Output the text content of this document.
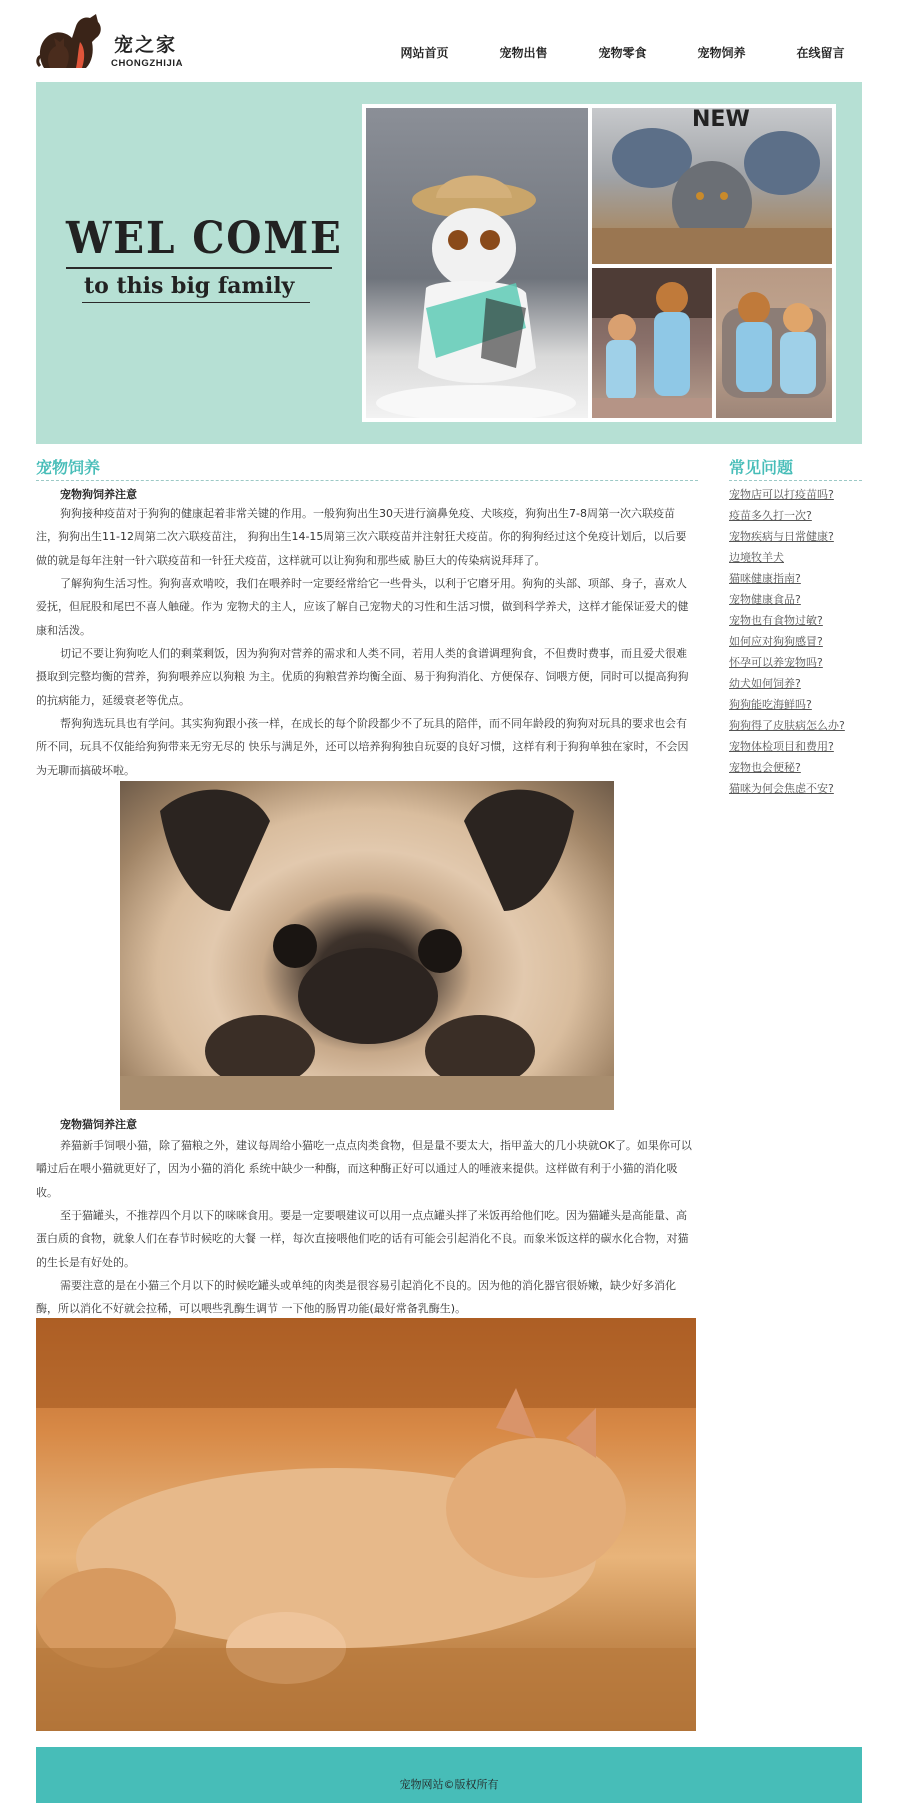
宠之家
CHONGZHIJIA
网站首页	宠物出售	宠物零食	宠物饲养	在线留言
WEL COME
to this big family
NEW
宠物饲养
宠物狗饲养注意

狗狗接种疫苗对于狗狗的健康起着非常关键的作用。一般狗狗出生30天进行滴鼻免疫、犬咳疫，狗狗出生7-8周第一次六联疫苗注，狗狗出生11-12周第二次六联疫苗注， 狗狗出生14-15周第三次六联疫苗并注射狂犬疫苗。你的狗狗经过这个免疫计划后，以后要做的就是每年注射一针六联疫苗和一针狂犬疫苗，这样就可以让狗狗和那些威 胁巨大的传染病说拜拜了。

了解狗狗生活习性。狗狗喜欢啃咬，我们在喂养时一定要经常给它一些骨头，以利于它磨牙用。狗狗的头部、项部、身子，喜欢人爱抚，但屁股和尾巴不喜人触碰。作为 宠物犬的主人，应该了解自己宠物犬的习性和生活习惯，做到科学养犬，这样才能保证爱犬的健康和活泼。

切记不要让狗狗吃人们的剩菜剩饭，因为狗狗对营养的需求和人类不同，若用人类的食谱调理狗食，不但费时费事，而且爱犬很难摄取到完整均衡的营养，狗狗喂养应以狗粮 为主。优质的狗粮营养均衡全面、易于狗狗消化、方便保存、饲喂方便，同时可以提高狗狗的抗病能力，延缓衰老等优点。

帮狗狗选玩具也有学问。其实狗狗跟小孩一样，在成长的每个阶段都少不了玩具的陪伴，而不同年龄段的狗狗对玩具的要求也会有所不同，玩具不仅能给狗狗带来无穷无尽的 快乐与满足外，还可以培养狗狗独自玩耍的良好习惯，这样有利于狗狗单独在家时，不会因为无聊而搞破坏啦。

宠物猫饲养注意

养猫新手饲喂小猫，除了猫粮之外，建议每周给小猫吃一点点肉类食物，但是量不要太大，指甲盖大的几小块就OK了。如果你可以嚼过后在喂小猫就更好了，因为小猫的消化 系统中缺少一种酶，而这种酶正好可以通过人的唾液来提供。这样做有利于小猫的消化吸收。

至于猫罐头，不推荐四个月以下的咪咪食用。要是一定要喂建议可以用一点点罐头拌了米饭再给他们吃。因为猫罐头是高能量、高蛋白质的食物，就象人们在春节时候吃的大餐 一样，每次直接喂他们吃的话有可能会引起消化不良。而象米饭这样的碳水化合物，对猫的生长是有好处的。

需要注意的是在小猫三个月以下的时候吃罐头或单纯的肉类是很容易引起消化不良的。因为他的消化器官很娇嫩，缺少好多消化酶，所以消化不好就会拉稀，可以喂些乳酶生调节 一下他的肠胃功能(最好常备乳酶生)。

常见问题
宠物店可以打疫苗吗?
疫苗多久打一次?
宠物疾病与日常健康?
边境牧羊犬
猫咪健康指南?
宠物健康食品?
宠物也有食物过敏?
如何应对狗狗感冒?
怀孕可以养宠物吗?
幼犬如何饲养?
狗狗能吃海鲜吗?
狗狗得了皮肤病怎么办?
宠物体检项目和费用?
宠物也会便秘?
猫咪为何会焦虑不安?
宠物网站©版权所有
